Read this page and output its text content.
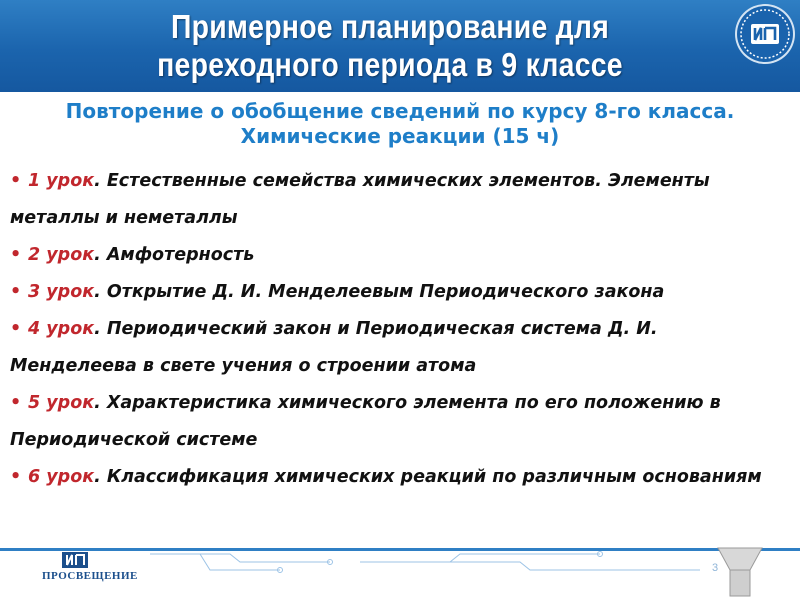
Примерное планирование для
переходного периода в 9 классе
Повторение о обобщение сведений по курсу 8-го класса.
Химические реакции (15 ч)
• 1 урок. Естественные семейства химических элементов. Элементы металлы и неметаллы
• 2 урок. Амфотерность
• 3 урок. Открытие Д. И. Менделеевым Периодического закона
• 4 урок. Периодический закон и Периодическая система Д. И. Менделеева в свете учения о строении атома
• 5 урок. Характеристика химического элемента по его положению в Периодической системе
• 6 урок. Классификация химических реакций по различным основаниям
ПРОСВЕЩЕНИЕ
3
